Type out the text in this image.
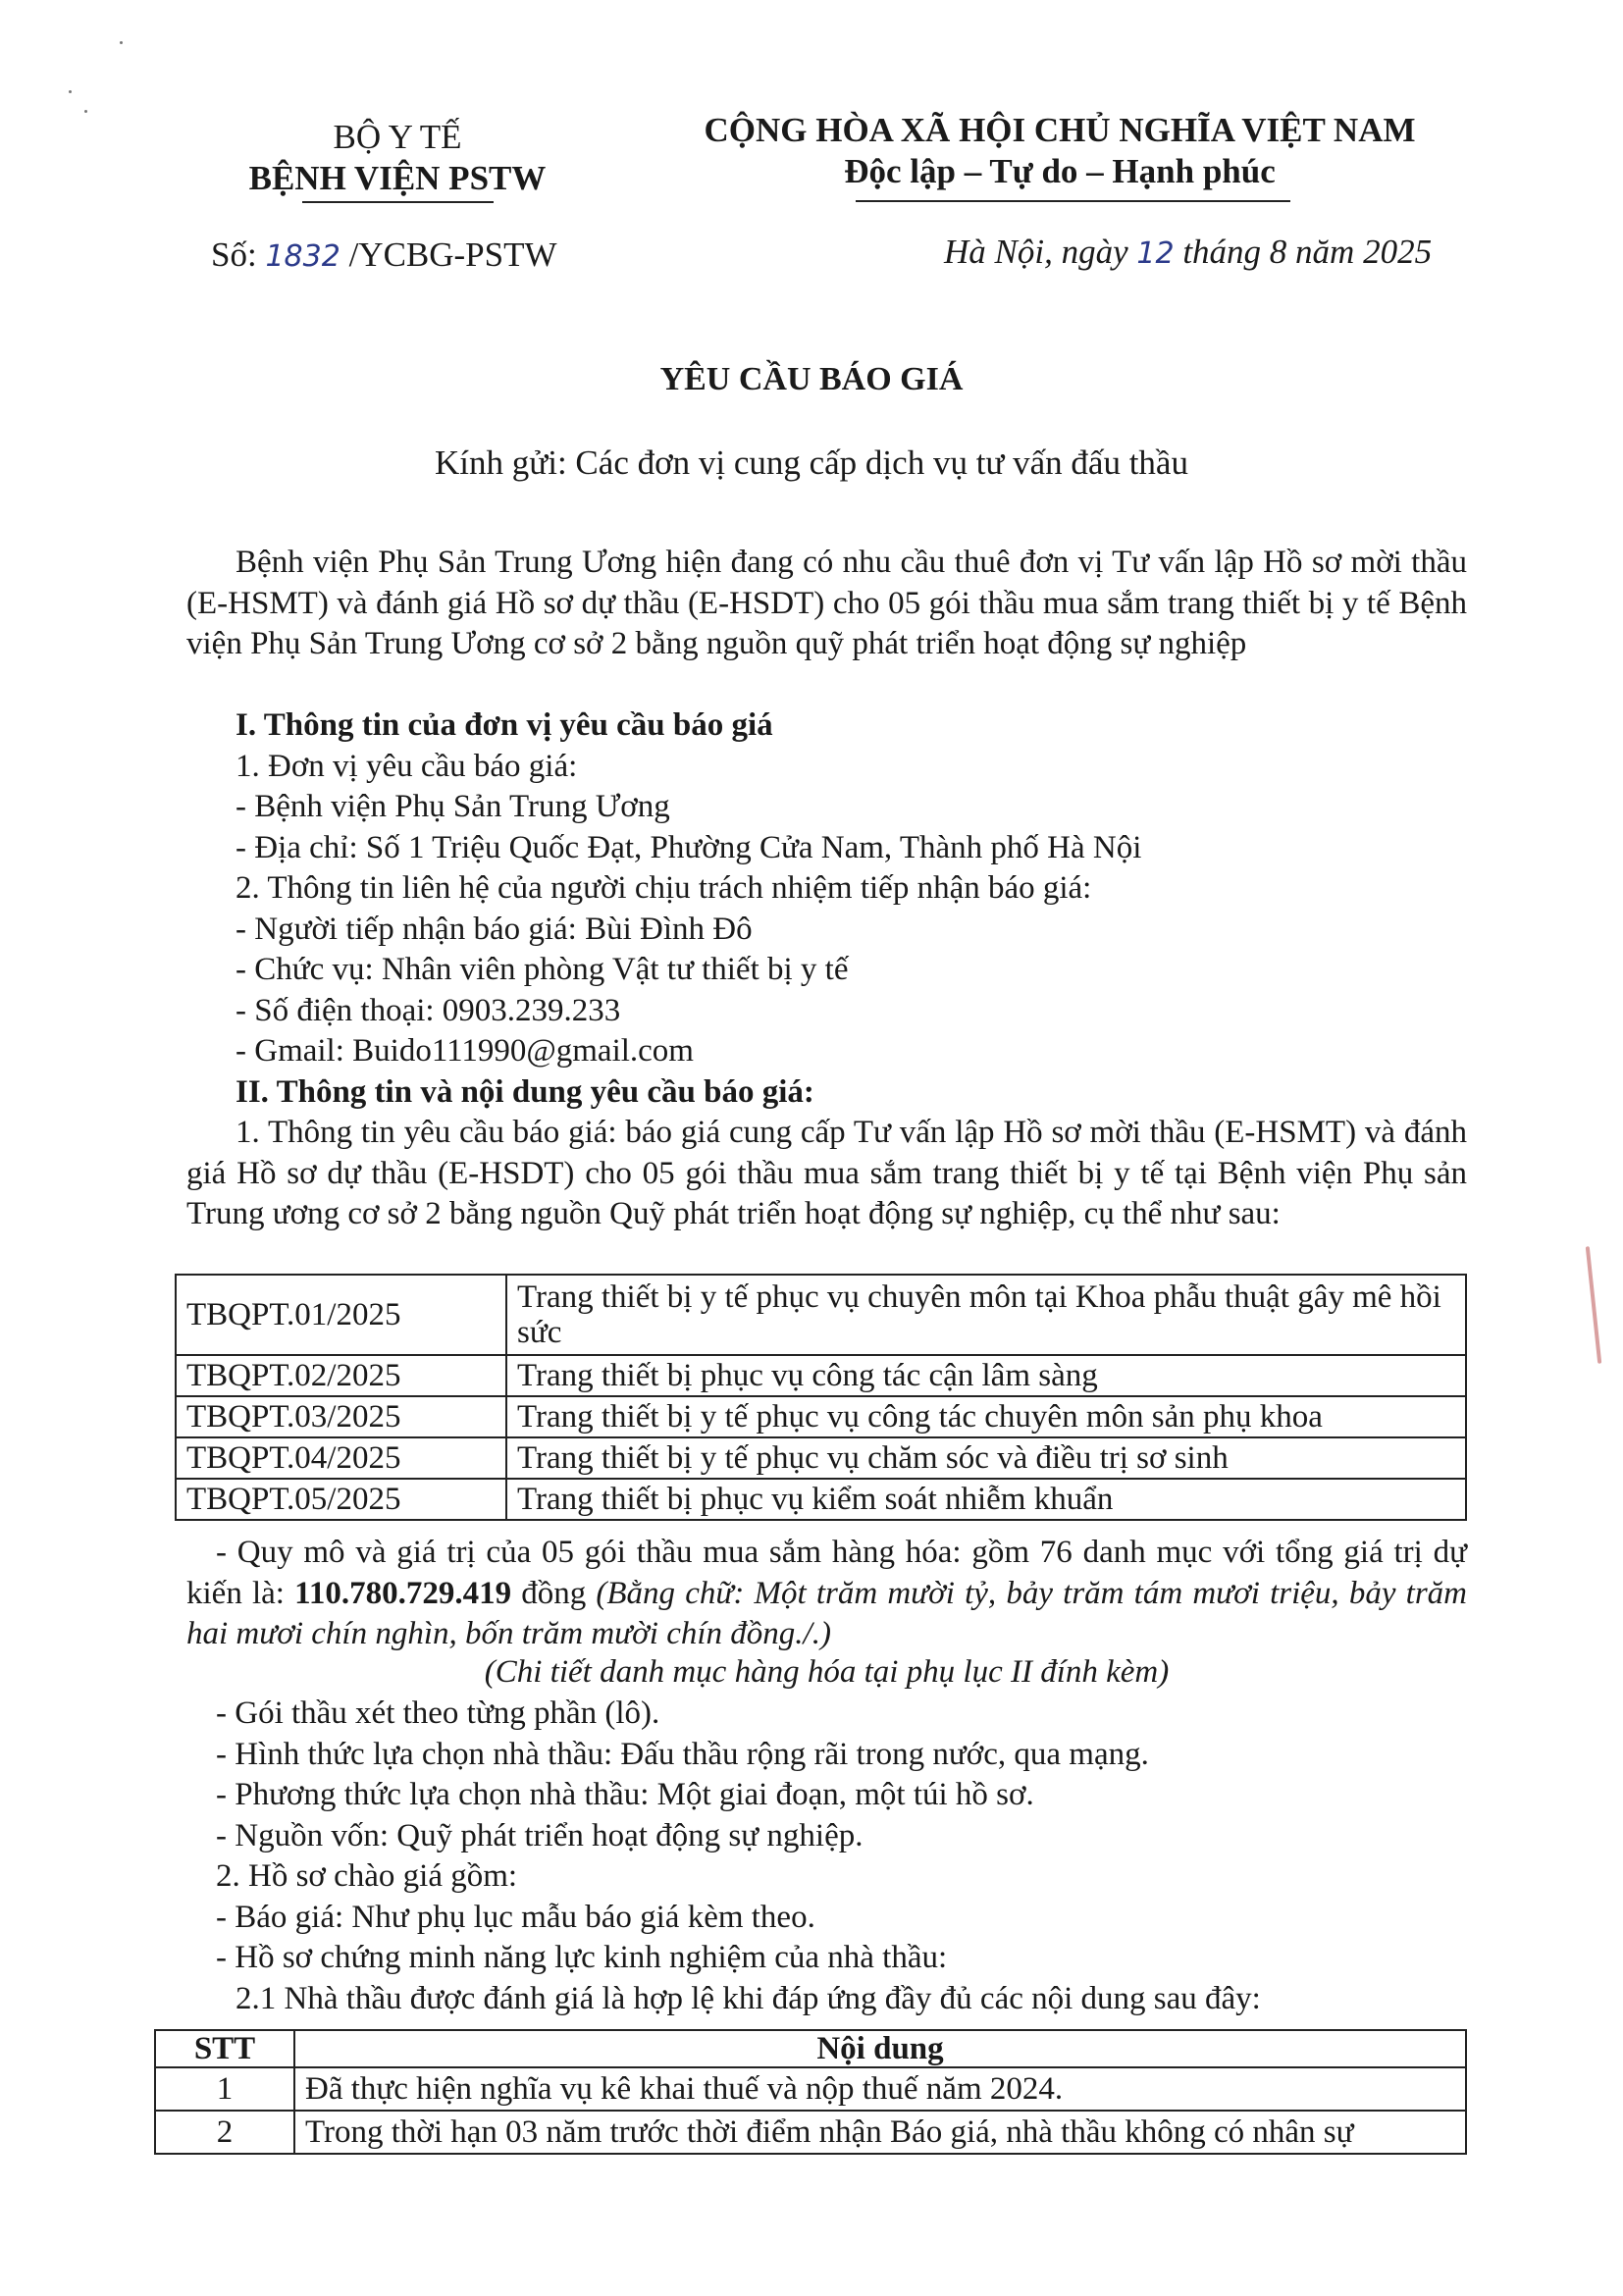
BỘ Y TẾ
BỆNH VIỆN PSTW
CỘNG HÒA XÃ HỘI CHỦ NGHĨA VIỆT NAM
Độc lập – Tự do – Hạnh phúc
Số: 1832 /YCBG-PSTW	Hà Nội, ngày 12 tháng 8 năm 2025
YÊU CẦU BÁO GIÁ
Kính gửi: Các đơn vị cung cấp dịch vụ tư vấn đấu thầu

Bệnh viện Phụ Sản Trung Ương hiện đang có nhu cầu thuê đơn vị Tư vấn lập Hồ sơ mời thầu (E-HSMT) và đánh giá Hồ sơ dự thầu (E-HSDT) cho 05 gói thầu mua sắm trang thiết bị y tế Bệnh viện Phụ Sản Trung Ương cơ sở 2 bằng nguồn quỹ phát triển hoạt động sự nghiệp

I. Thông tin của đơn vị yêu cầu báo giá

1. Đơn vị yêu cầu báo giá:

- Bệnh viện Phụ Sản Trung Ương

- Địa chỉ: Số 1 Triệu Quốc Đạt, Phường Cửa Nam, Thành phố Hà Nội

2. Thông tin liên hệ của người chịu trách nhiệm tiếp nhận báo giá:

- Người tiếp nhận báo giá: Bùi Đình Đô

- Chức vụ: Nhân viên phòng Vật tư thiết bị y tế

- Số điện thoại: 0903.239.233

- Gmail: Buido111990@gmail.com

II. Thông tin và nội dung yêu cầu báo giá:

1. Thông tin yêu cầu báo giá: báo giá cung cấp Tư vấn lập Hồ sơ mời thầu (E-HSMT) và đánh giá Hồ sơ dự thầu (E-HSDT) cho 05 gói thầu mua sắm trang thiết bị y tế tại Bệnh viện Phụ sản Trung ương cơ sở 2 bằng nguồn Quỹ phát triển hoạt động sự nghiệp, cụ thể như sau:

TBQPT.01/2025	Trang thiết bị y tế phục vụ chuyên môn tại Khoa phẫu thuật gây mê hồi sức
TBQPT.02/2025	Trang thiết bị phục vụ công tác cận lâm sàng
TBQPT.03/2025	Trang thiết bị y tế phục vụ công tác chuyên môn sản phụ khoa
TBQPT.04/2025	Trang thiết bị y tế phục vụ chăm sóc và điều trị sơ sinh
TBQPT.05/2025	Trang thiết bị phục vụ kiểm soát nhiễm khuẩn

- Quy mô và giá trị của 05 gói thầu mua sắm hàng hóa: gồm 76 danh mục với tổng giá trị dự kiến là: 110.780.729.419 đồng (Bằng chữ: Một trăm mười tỷ, bảy trăm tám mươi triệu, bảy trăm hai mươi chín nghìn, bốn trăm mười chín đồng./.)

(Chi tiết danh mục hàng hóa tại phụ lục II đính kèm)

- Gói thầu xét theo từng phần (lô).

- Hình thức lựa chọn nhà thầu: Đấu thầu rộng rãi trong nước, qua mạng.

- Phương thức lựa chọn nhà thầu: Một giai đoạn, một túi hồ sơ.

- Nguồn vốn: Quỹ phát triển hoạt động sự nghiệp.

2. Hồ sơ chào giá gồm:

- Báo giá: Như phụ lục mẫu báo giá kèm theo.

- Hồ sơ chứng minh năng lực kinh nghiệm của nhà thầu:

2.1 Nhà thầu được đánh giá là hợp lệ khi đáp ứng đầy đủ các nội dung sau đây:

STT	Nội dung
1	Đã thực hiện nghĩa vụ kê khai thuế và nộp thuế năm 2024.
2	Trong thời hạn 03 năm trước thời điểm nhận Báo giá, nhà thầu không có nhân sự
